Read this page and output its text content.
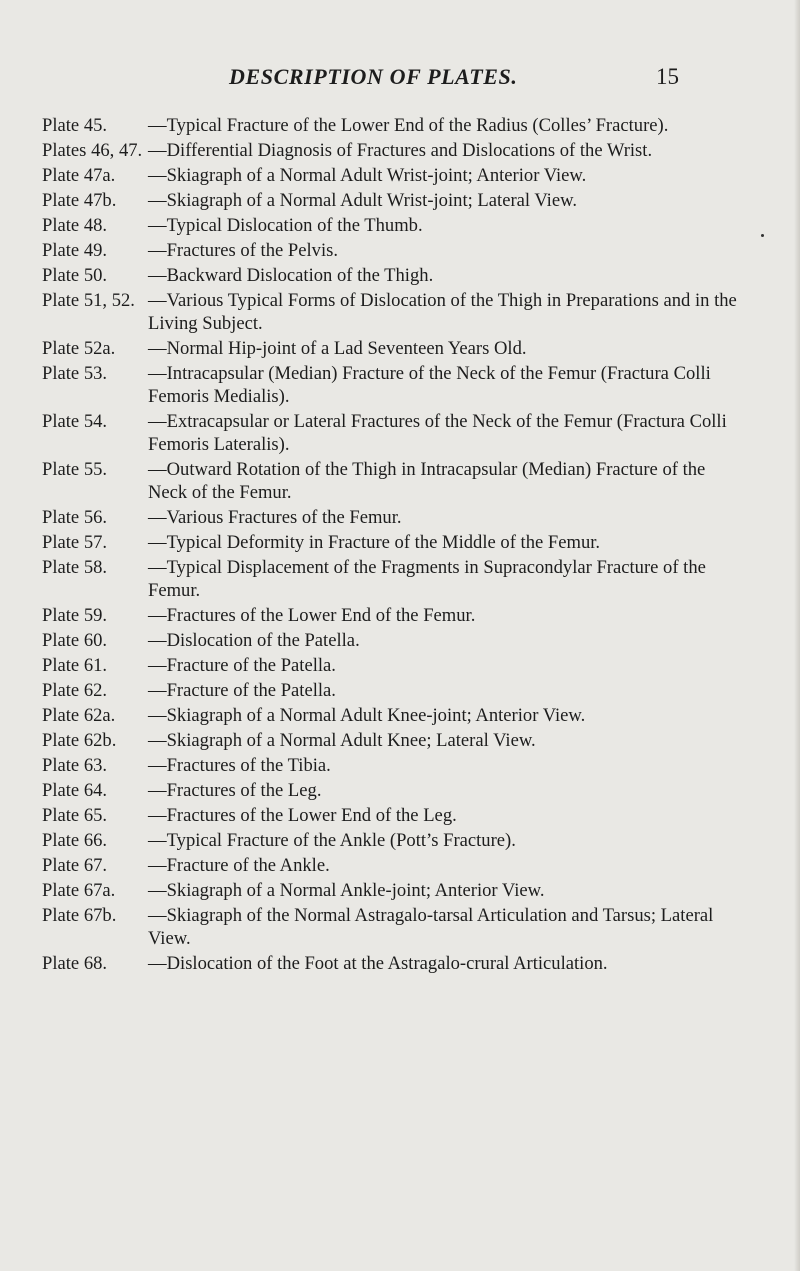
DESCRIPTION OF PLATES.	15
Plate 45. —Typical Fracture of the Lower End of the Radius (Colles’ Fracture).
Plates 46, 47. —Differential Diagnosis of Fractures and Dislocations of the Wrist.
Plate 47a. —Skiagraph of a Normal Adult Wrist-joint; Anterior View.
Plate 47b. —Skiagraph of a Normal Adult Wrist-joint; Lateral View.
Plate 48. —Typical Dislocation of the Thumb.
Plate 49. —Fractures of the Pelvis.
Plate 50. —Backward Dislocation of the Thigh.
Plate 51, 52. —Various Typical Forms of Dislocation of the Thigh in Preparations and in the Living Subject.
Plate 52a. —Normal Hip-joint of a Lad Seventeen Years Old.
Plate 53. —Intracapsular (Median) Fracture of the Neck of the Femur (Fractura Colli Femoris Medialis).
Plate 54. —Extracapsular or Lateral Fractures of the Neck of the Femur (Fractura Colli Femoris Lateralis).
Plate 55. —Outward Rotation of the Thigh in Intracapsular (Median) Fracture of the Neck of the Femur.
Plate 56. —Various Fractures of the Femur.
Plate 57. —Typical Deformity in Fracture of the Middle of the Femur.
Plate 58. —Typical Displacement of the Fragments in Supracondylar Fracture of the Femur.
Plate 59. —Fractures of the Lower End of the Femur.
Plate 60. —Dislocation of the Patella.
Plate 61. —Fracture of the Patella.
Plate 62. —Fracture of the Patella.
Plate 62a. —Skiagraph of a Normal Adult Knee-joint; Anterior View.
Plate 62b. —Skiagraph of a Normal Adult Knee; Lateral View.
Plate 63. —Fractures of the Tibia.
Plate 64. —Fractures of the Leg.
Plate 65. —Fractures of the Lower End of the Leg.
Plate 66. —Typical Fracture of the Ankle (Pott’s Fracture).
Plate 67. —Fracture of the Ankle.
Plate 67a. —Skiagraph of a Normal Ankle-joint; Anterior View.
Plate 67b. —Skiagraph of the Normal Astragalo-tarsal Articulation and Tarsus; Lateral View.
Plate 68. —Dislocation of the Foot at the Astragalo-crural Articulation.
